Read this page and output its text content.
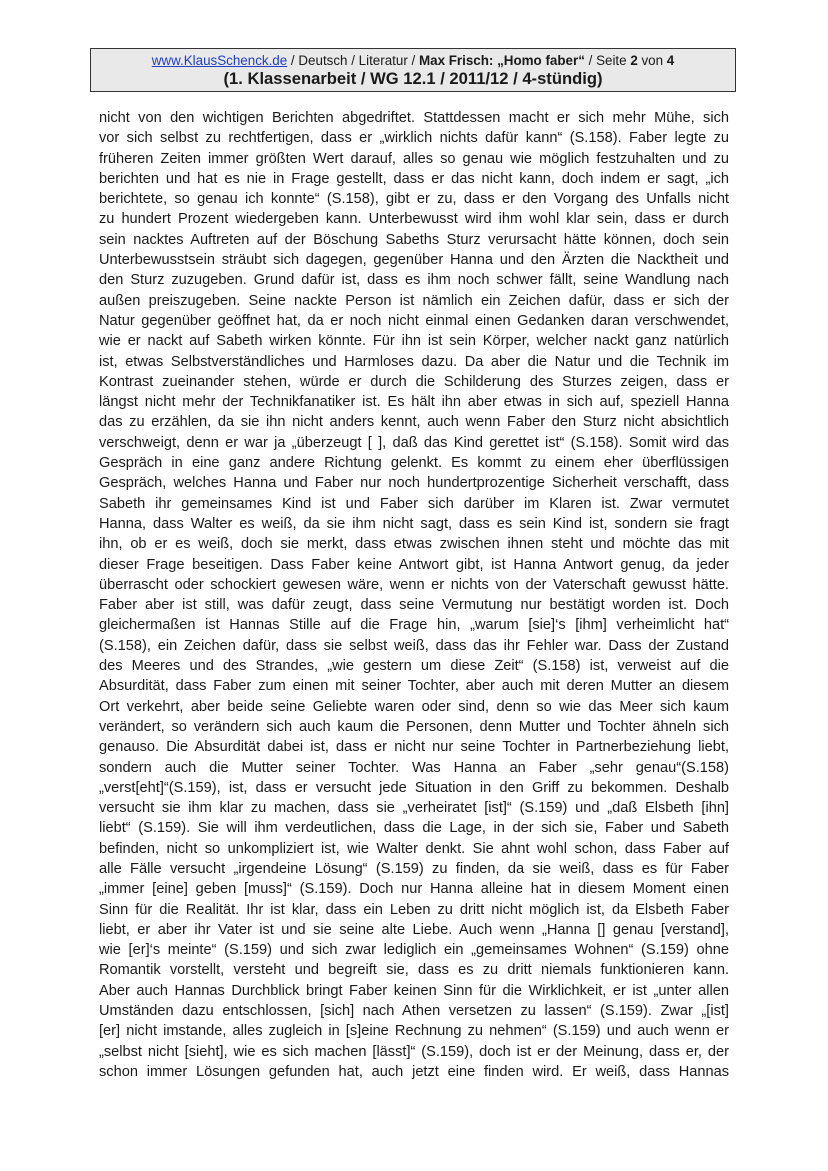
www.KlausSchenck.de / Deutsch / Literatur / Max Frisch: „Homo faber“ / Seite 2 von 4
(1. Klassenarbeit / WG 12.1 / 2011/12 / 4-stündig)
nicht von den wichtigen Berichten abgedriftet. Stattdessen macht er sich mehr Mühe, sich
vor sich selbst zu rechtfertigen, dass er „wirklich nichts dafür kann“ (S.158). Faber legte zu
früheren Zeiten immer größten Wert darauf, alles so genau wie möglich festzuhalten und zu
berichten und hat es nie in Frage gestellt, dass er das nicht kann, doch indem er sagt, „ich
berichtete, so genau ich konnte“ (S.158), gibt er zu, dass er den Vorgang des Unfalls nicht
zu hundert Prozent wiedergeben kann. Unterbewusst wird ihm wohl klar sein, dass er durch
sein nacktes Auftreten auf der Böschung Sabeths Sturz verursacht hätte können, doch sein
Unterbewusstsein sträubt sich dagegen, gegenüber Hanna und den Ärzten die Nacktheit und
den Sturz zuzugeben. Grund dafür ist, dass es ihm noch schwer fällt, seine Wandlung nach
außen preiszugeben. Seine nackte Person ist nämlich ein Zeichen dafür, dass er sich der
Natur gegenüber geöffnet hat, da er noch nicht einmal einen Gedanken daran verschwendet,
wie er nackt auf Sabeth wirken könnte. Für ihn ist sein Körper, welcher nackt ganz natürlich
ist, etwas Selbstverständliches und Harmloses dazu. Da aber die Natur und die Technik im
Kontrast zueinander stehen, würde er durch die Schilderung des Sturzes zeigen, dass er
längst nicht mehr der Technikfanatiker ist. Es hält ihn aber etwas in sich auf, speziell Hanna
das zu erzählen, da sie ihn nicht anders kennt, auch wenn Faber den Sturz nicht absichtlich
verschweigt, denn er war ja „überzeugt [ ], daß das Kind gerettet ist“ (S.158). Somit wird das
Gespräch in eine ganz andere Richtung gelenkt. Es kommt zu einem eher überflüssigen
Gespräch, welches Hanna und Faber nur noch hundertprozentige Sicherheit verschafft, dass
Sabeth ihr gemeinsames Kind ist und Faber sich darüber im Klaren ist. Zwar vermutet
Hanna, dass Walter es weiß, da sie ihm nicht sagt, dass es sein Kind ist, sondern sie fragt
ihn, ob er es weiß, doch sie merkt, dass etwas zwischen ihnen steht und möchte das mit
dieser Frage beseitigen. Dass Faber keine Antwort gibt, ist Hanna Antwort genug, da jeder
überrascht oder schockiert gewesen wäre, wenn er nichts von der Vaterschaft gewusst hätte.
Faber aber ist still, was dafür zeugt, dass seine Vermutung nur bestätigt worden ist. Doch
gleichermaßen ist Hannas Stille auf die Frage hin, „warum [sie]‘s [ihm] verheimlicht hat“
(S.158), ein Zeichen dafür, dass sie selbst weiß, dass das ihr Fehler war. Dass der Zustand
des Meeres und des Strandes, „wie gestern um diese Zeit“ (S.158) ist, verweist auf die
Absurdität, dass Faber zum einen mit seiner Tochter, aber auch mit deren Mutter an diesem
Ort verkehrt, aber beide seine Geliebte waren oder sind, denn so wie das Meer sich kaum
verändert, so verändern sich auch kaum die Personen, denn Mutter und Tochter ähneln sich
genauso. Die Absurdität dabei ist, dass er nicht nur seine Tochter in Partnerbeziehung liebt,
sondern auch die Mutter seiner Tochter. Was Hanna an Faber „sehr genau“(S.158)
„verst[eht]“(S.159), ist, dass er versucht jede Situation in den Griff zu bekommen. Deshalb
versucht sie ihm klar zu machen, dass sie „verheiratet [ist]“ (S.159) und „daß Elsbeth [ihn]
liebt“ (S.159). Sie will ihm verdeutlichen, dass die Lage, in der sich sie, Faber und Sabeth
befinden, nicht so unkompliziert ist, wie Walter denkt. Sie ahnt wohl schon, dass Faber auf
alle Fälle versucht „irgendeine Lösung“ (S.159) zu finden, da sie weiß, dass es für Faber
„immer [eine] geben [muss]“ (S.159). Doch nur Hanna alleine hat in diesem Moment einen
Sinn für die Realität. Ihr ist klar, dass ein Leben zu dritt nicht möglich ist, da Elsbeth Faber
liebt, er aber ihr Vater ist und sie seine alte Liebe. Auch wenn „Hanna [] genau [verstand],
wie [er]‘s meinte“ (S.159) und sich zwar lediglich ein „gemeinsames Wohnen“ (S.159) ohne
Romantik vorstellt, versteht und begreift sie, dass es zu dritt niemals funktionieren kann.
Aber auch Hannas Durchblick bringt Faber keinen Sinn für die Wirklichkeit, er ist „unter allen
Umständen dazu entschlossen, [sich] nach Athen versetzen zu lassen“ (S.159). Zwar „[ist]
[er] nicht imstande, alles zugleich in [s]eine Rechnung zu nehmen“ (S.159) und auch wenn er
„selbst nicht [sieht], wie es sich machen [lässt]“ (S.159), doch ist er der Meinung, dass er, der
schon immer Lösungen gefunden hat, auch jetzt eine finden wird. Er weiß, dass Hannas
